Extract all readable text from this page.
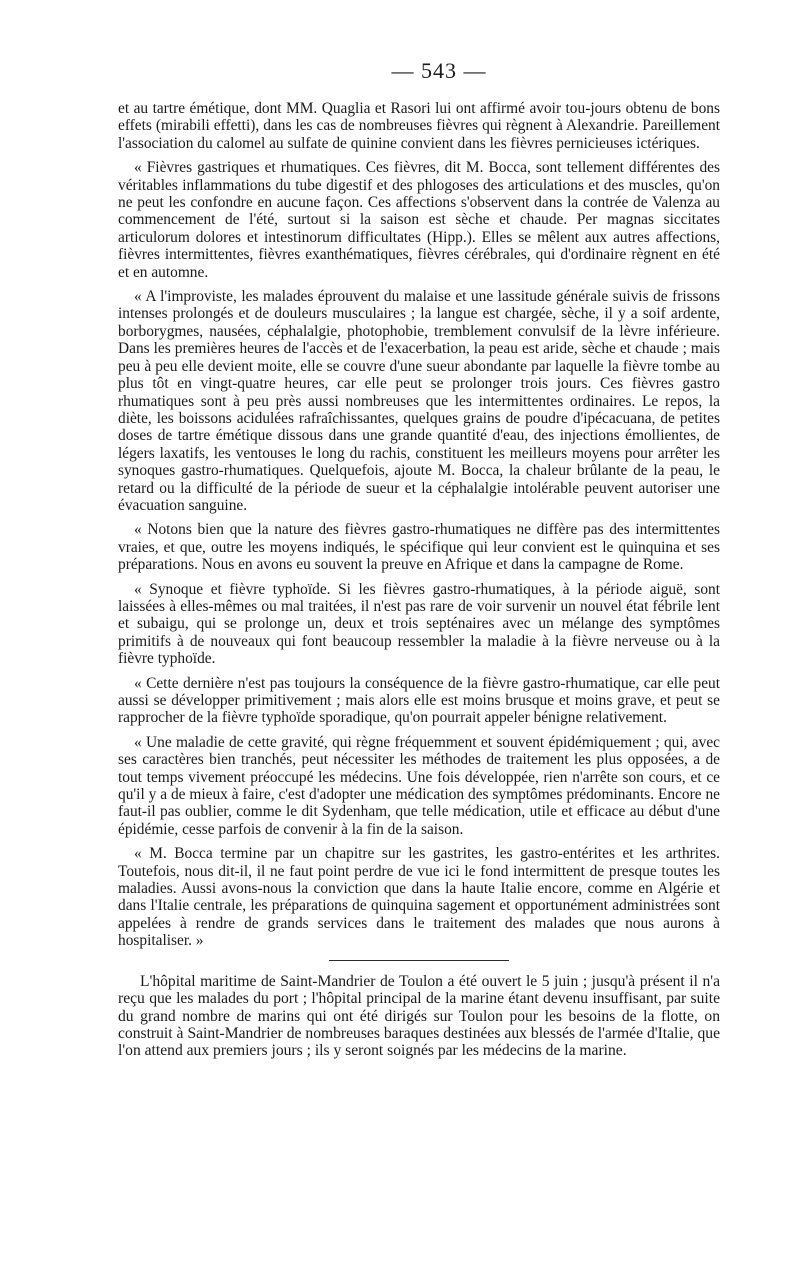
— 543 —

et au tartre émétique, dont MM. Quaglia et Rasori lui ont affirmé avoir tou-jours obtenu de bons effets (mirabili effetti), dans les cas de nombreuses fièvres qui règnent à Alexandrie. Pareillement l'association du calomel au sulfate de quinine convient dans les fièvres pernicieuses ictériques.

« Fièvres gastriques et rhumatiques. Ces fièvres, dit M. Bocca, sont tellement différentes des véritables inflammations du tube digestif et des phlogoses des articulations et des muscles, qu'on ne peut les confondre en aucune façon. Ces affections s'observent dans la contrée de Valenza au commencement de l'été, surtout si la saison est sèche et chaude. Per magnas siccitates articulorum dolores et intestinorum difficultates (Hipp.). Elles se mêlent aux autres affections, fièvres intermittentes, fièvres exanthématiques, fièvres cérébrales, qui d'ordinaire règnent en été et en automne.

« A l'improviste, les malades éprouvent du malaise et une lassitude générale suivis de frissons intenses prolongés et de douleurs musculaires ; la langue est chargée, sèche, il y a soif ardente, borborygmes, nausées, céphalalgie, photophobie, tremblement convulsif de la lèvre inférieure. Dans les premières heures de l'accès et de l'exacerbation, la peau est aride, sèche et chaude ; mais peu à peu elle devient moite, elle se couvre d'une sueur abondante par laquelle la fièvre tombe au plus tôt en vingt-quatre heures, car elle peut se prolonger trois jours. Ces fièvres gastro rhumatiques sont à peu près aussi nombreuses que les intermittentes ordinaires. Le repos, la diète, les boissons acidulées rafraîchissantes, quelques grains de poudre d'ipécacuana, de petites doses de tartre émétique dissous dans une grande quantité d'eau, des injections émollientes, de légers laxatifs, les ventouses le long du rachis, constituent les meilleurs moyens pour arrêter les synoques gastro-rhumatiques. Quelquefois, ajoute M. Bocca, la chaleur brûlante de la peau, le retard ou la difficulté de la période de sueur et la céphalalgie intolérable peuvent autoriser une évacuation sanguine.

« Notons bien que la nature des fièvres gastro-rhumatiques ne diffère pas des intermittentes vraies, et que, outre les moyens indiqués, le spécifique qui leur convient est le quinquina et ses préparations. Nous en avons eu souvent la preuve en Afrique et dans la campagne de Rome.

« Synoque et fièvre typhoïde. Si les fièvres gastro-rhumatiques, à la période aiguë, sont laissées à elles-mêmes ou mal traitées, il n'est pas rare de voir survenir un nouvel état fébrile lent et subaigu, qui se prolonge un, deux et trois septénaires avec un mélange des symptômes primitifs à de nouveaux qui font beaucoup ressembler la maladie à la fièvre nerveuse ou à la fièvre typhoïde.

« Cette dernière n'est pas toujours la conséquence de la fièvre gastro-rhumatique, car elle peut aussi se développer primitivement ; mais alors elle est moins brusque et moins grave, et peut se rapprocher de la fièvre typhoïde sporadique, qu'on pourrait appeler bénigne relativement.

« Une maladie de cette gravité, qui règne fréquemment et souvent épidémiquement ; qui, avec ses caractères bien tranchés, peut nécessiter les méthodes de traitement les plus opposées, a de tout temps vivement préoccupé les médecins. Une fois développée, rien n'arrête son cours, et ce qu'il y a de mieux à faire, c'est d'adopter une médication des symptômes prédominants. Encore ne faut-il pas oublier, comme le dit Sydenham, que telle médication, utile et efficace au début d'une épidémie, cesse parfois de convenir à la fin de la saison.

« M. Bocca termine par un chapitre sur les gastrites, les gastro-entérites et les arthrites. Toutefois, nous dit-il, il ne faut point perdre de vue ici le fond intermittent de presque toutes les maladies. Aussi avons-nous la conviction que dans la haute Italie encore, comme en Algérie et dans l'Italie centrale, les préparations de quinquina sagement et opportunément administrées sont appelées à rendre de grands services dans le traitement des malades que nous aurons à hospitaliser. »

L'hôpital maritime de Saint-Mandrier de Toulon a été ouvert le 5 juin ; jusqu'à présent il n'a reçu que les malades du port ; l'hôpital principal de la marine étant devenu insuffisant, par suite du grand nombre de marins qui ont été dirigés sur Toulon pour les besoins de la flotte, on construit à Saint-Mandrier de nombreuses baraques destinées aux blessés de l'armée d'Italie, que l'on attend aux premiers jours ; ils y seront soignés par les médecins de la marine.
